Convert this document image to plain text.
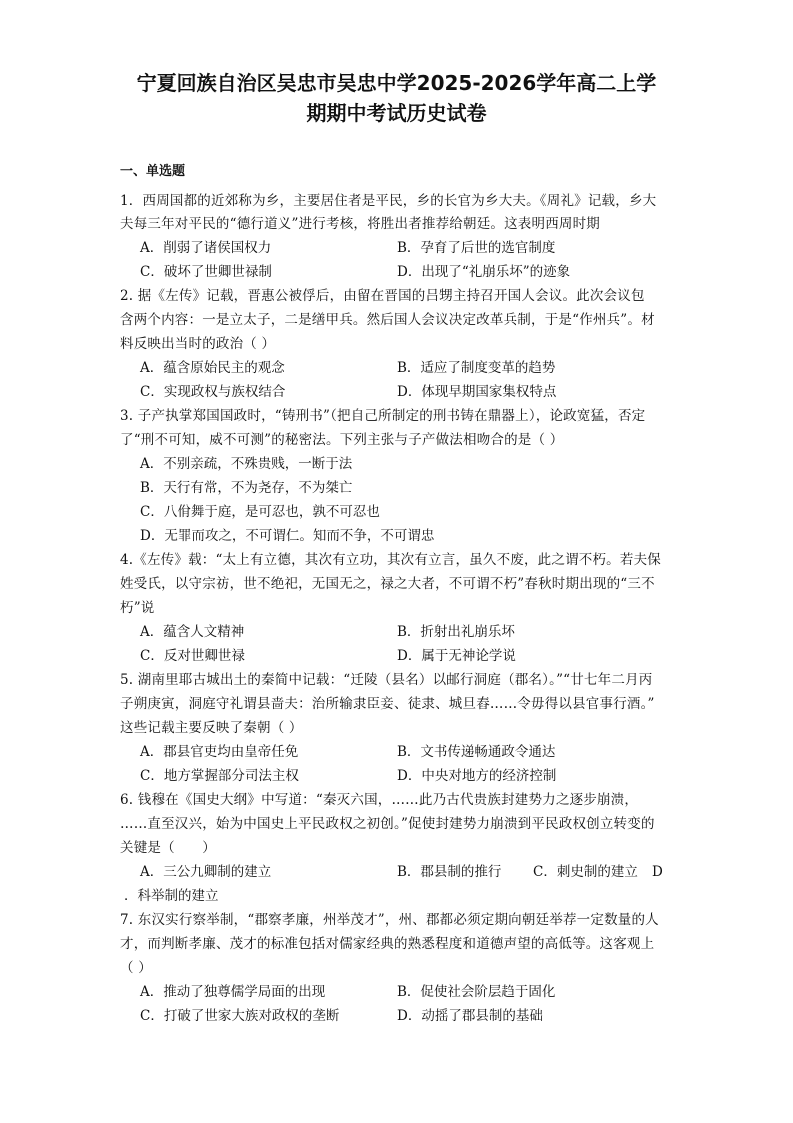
宁夏回族自治区吴忠市吴忠中学2025-2026学年高二上学
期期中考试历史试卷
一、单选题
1．西周国都的近郊称为乡，主要居住者是平民，乡的长官为乡大夫。《周礼》记载，乡大
夫每三年对平民的“德行道义”进行考核，将胜出者推荐给朝廷。这表明西周时期
A．削弱了诸侯国权力	B．孕育了后世的选官制度
C．破坏了世卿世禄制	D．出现了“礼崩乐坏”的迹象
2. 据《左传》记载，晋惠公被俘后，由留在晋国的吕甥主持召开国人会议。此次会议包
含两个内容：一是立太子，二是缮甲兵。然后国人会议决定改革兵制，于是“作州兵”。材
料反映出当时的政治（ ）
A．蕴含原始民主的观念	B．适应了制度变革的趋势
C．实现政权与族权结合	D．体现早期国家集权特点
3. 子产执掌郑国国政时，“铸刑书”（把自己所制定的刑书铸在鼎器上），论政宽猛，否定
了“刑不可知，威不可测”的秘密法。下列主张与子产做法相吻合的是（ ）
A．不别亲疏，不殊贵贱，一断于法
B．天行有常，不为尧存，不为桀亡
C．八佾舞于庭，是可忍也，孰不可忍也
D．无罪而攻之，不可谓仁。知而不争，不可谓忠
4.《左传》载：“太上有立德，其次有立功，其次有立言，虽久不废，此之谓不朽。若夫保
姓受氏，以守宗祊，世不绝祀，无国无之，禄之大者，不可谓不朽”春秋时期出现的“三不
朽”说
A．蕴含人文精神	B．折射出礼崩乐坏
C．反对世卿世禄	D．属于无神论学说
5. 湖南里耶古城出土的秦简中记载：“迁陵（县名）以邮行洞庭（郡名）。”“廿七年二月丙
子朔庚寅，洞庭守礼谓县啬夫：治所输隶臣妾、徒隶、城旦舂……令毋得以县官事行酒。”
这些记载主要反映了秦朝（ ）
A．郡县官吏均由皇帝任免	B．文书传递畅通政令通达
C．地方掌握部分司法主权	D．中央对地方的经济控制
6. 钱穆在《国史大纲》中写道：“秦灭六国，……此乃古代贵族封建势力之逐步崩溃，
……直至汉兴，始为中国史上平民政权之初创。”促使封建势力崩溃到平民政权创立转变的
关键是（　　）
A．三公九卿制的建立	B．郡县制的推行 C．刺史制的建立 D
．科举制的建立
7. 东汉实行察举制，“郡察孝廉，州举茂才”，州、郡都必须定期向朝廷举荐一定数量的人
才，而判断孝廉、茂才的标准包括对儒家经典的熟悉程度和道德声望的高低等。这客观上
（ ）
A．推动了独尊儒学局面的出现	B．促使社会阶层趋于固化
C．打破了世家大族对政权的垄断	D．动摇了郡县制的基础
